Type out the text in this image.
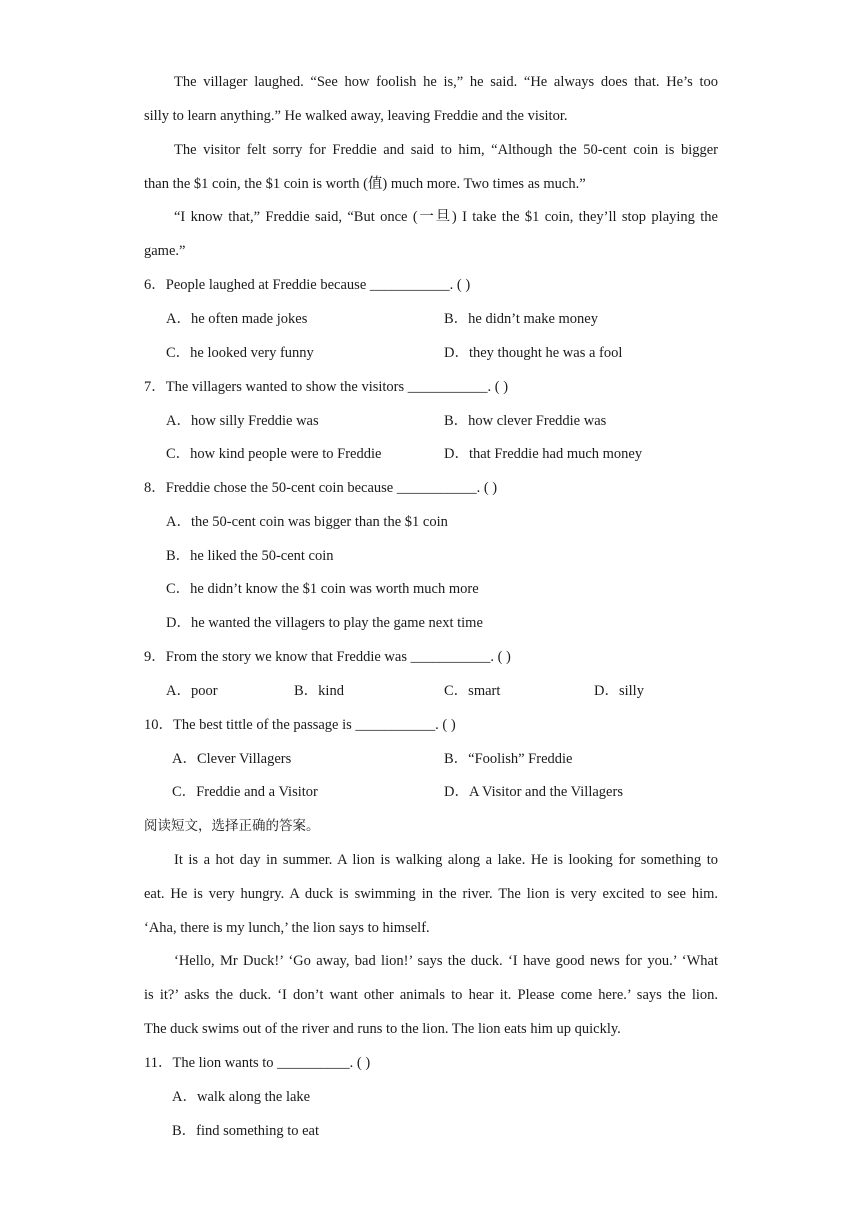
The villager laughed. “See how foolish he is,” he said. “He always does that. He’s too
silly to learn anything.” He walked away, leaving Freddie and the visitor.
The visitor felt sorry for Freddie and said to him, “Although the 50-cent coin is bigger
than the $1 coin, the $1 coin is worth (值) much more. Two times as much.”
“I know that,” Freddie said, “But once (一旦) I take the $1 coin, they’ll stop playing the
game.”
6．People laughed at Freddie because ___________. ( )
A．he often made jokes	B．he didn’t make money
C．he looked very funny	D．they thought he was a fool
7．The villagers wanted to show the visitors ___________. ( )
A．how silly Freddie was	B．how clever Freddie was
C．how kind people were to Freddie	D．that Freddie had much money
8．Freddie chose the 50-cent coin because ___________. ( )
A．the 50-cent coin was bigger than the $1 coin
B．he liked the 50-cent coin
C．he didn’t know the $1 coin was worth much more
D．he wanted the villagers to play the game next time
9．From the story we know that Freddie was ___________. ( )
A．poor	B．kind	C．smart	D．silly
10．The best tittle of the passage is ___________. ( )
A．Clever Villagers	B．“Foolish” Freddie
C．Freddie and a Visitor	D．A Visitor and the Villagers
阅读短文，选择正确的答案。
It is a hot day in summer. A lion is walking along a lake. He is looking for something to
eat. He is very hungry. A duck is swimming in the river. The lion is very excited to see him.
‘Aha, there is my lunch,’ the lion says to himself.
‘Hello, Mr Duck!’ ‘Go away, bad lion!’ says the duck. ‘I have good news for you.’ ‘What
is it?’ asks the duck. ‘I don’t want other animals to hear it. Please come here.’ says the lion.
The duck swims out of the river and runs to the lion. The lion eats him up quickly.
11．The lion wants to __________. ( )
A．walk along the lake
B．find something to eat
